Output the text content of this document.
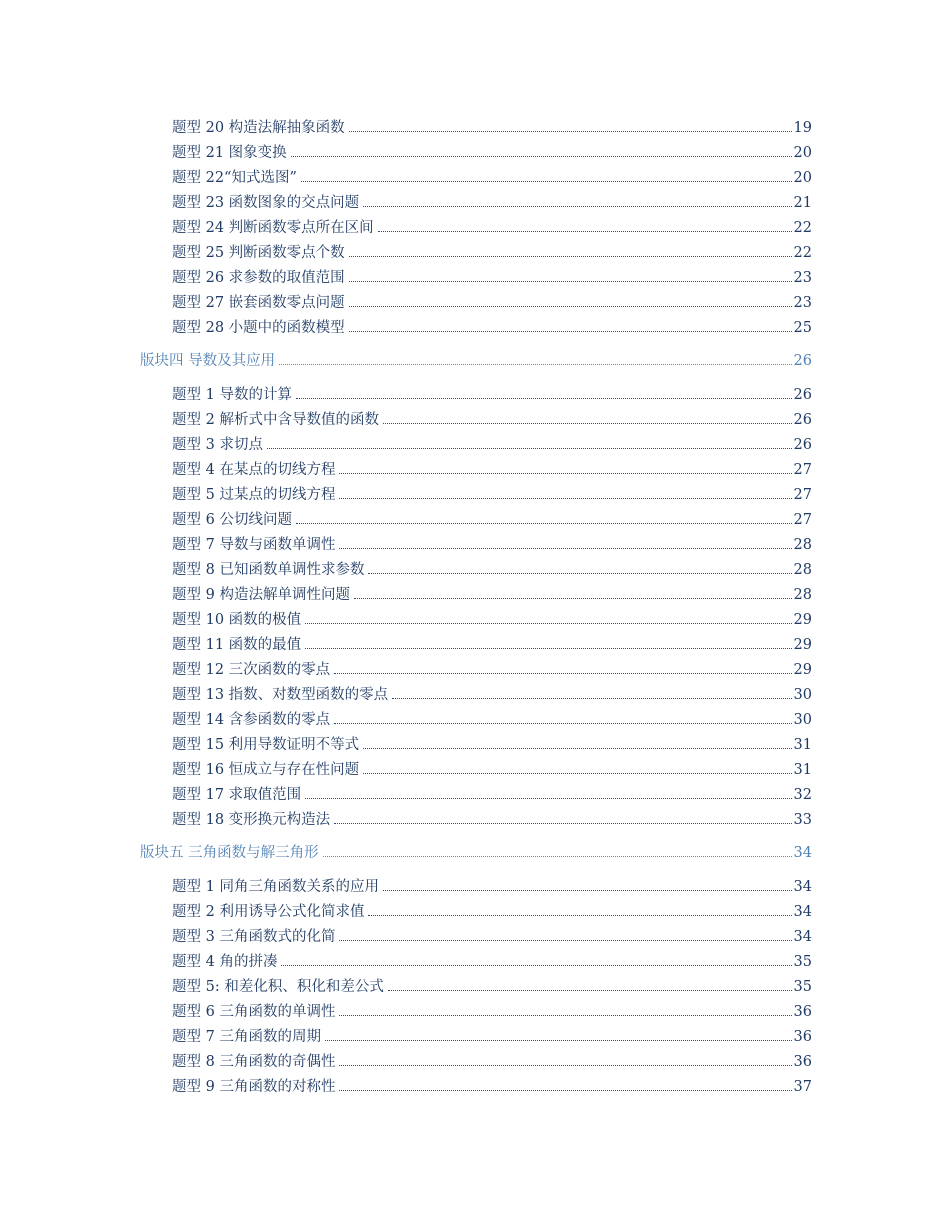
题型 20 构造法解抽象函数	19
题型 21 图象变换	20
题型 22“知式选图”	20
题型 23 函数图象的交点问题	21
题型 24 判断函数零点所在区间	22
题型 25 判断函数零点个数	22
题型 26 求参数的取值范围	23
题型 27 嵌套函数零点问题	23
题型 28 小题中的函数模型	25
版块四 导数及其应用	26
题型 1 导数的计算	26
题型 2 解析式中含导数值的函数	26
题型 3 求切点	26
题型 4 在某点的切线方程	27
题型 5 过某点的切线方程	27
题型 6 公切线问题	27
题型 7 导数与函数单调性	28
题型 8 已知函数单调性求参数	28
题型 9 构造法解单调性问题	28
题型 10 函数的极值	29
题型 11 函数的最值	29
题型 12 三次函数的零点	29
题型 13 指数、对数型函数的零点	30
题型 14 含参函数的零点	30
题型 15 利用导数证明不等式	31
题型 16 恒成立与存在性问题	31
题型 17 求取值范围	32
题型 18 变形换元构造法	33
版块五 三角函数与解三角形	34
题型 1 同角三角函数关系的应用	34
题型 2 利用诱导公式化简求值	34
题型 3 三角函数式的化简	34
题型 4 角的拼凑	35
题型 5: 和差化积、积化和差公式	35
题型 6 三角函数的单调性	36
题型 7 三角函数的周期	36
题型 8 三角函数的奇偶性	36
题型 9 三角函数的对称性	37
